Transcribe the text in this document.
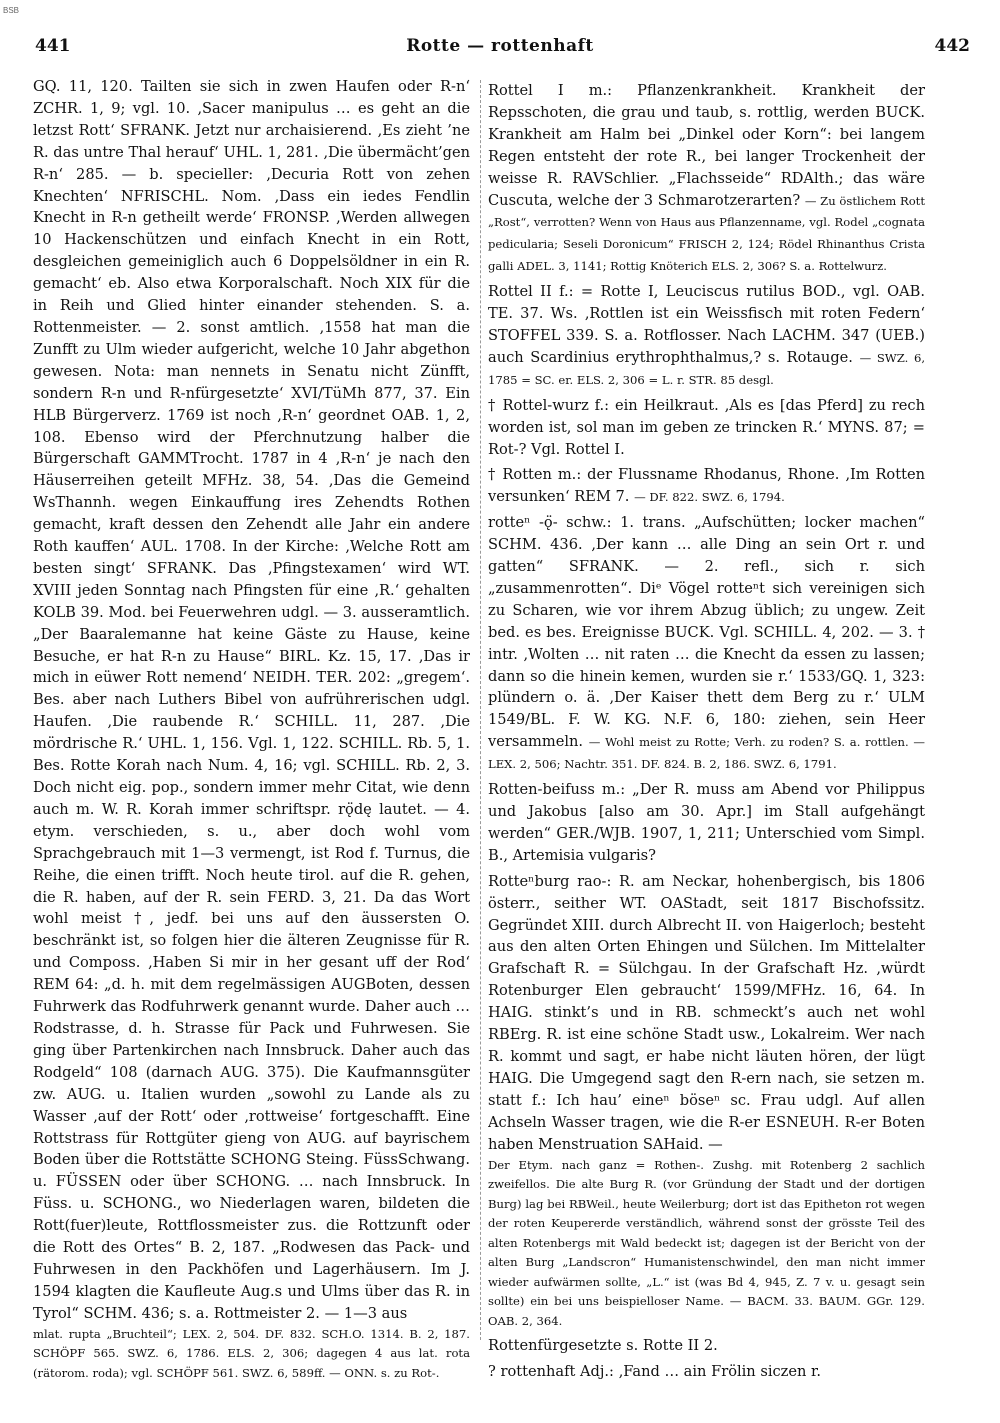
BSB
441	Rotte — rottenhaft	442

GQ. 11, 120. Tailten sie sich in zwen Haufen oder R-n‘ ZCHR. 1, 9; vgl. 10. ‚Sacer manipulus … es geht an die letzst Rott‘ SFRANK. Jetzt nur archaisierend. ‚Es zieht ’ne R. das untre Thal herauf‘ UHL. 1, 281. ‚Die übermächt’gen R-n‘ 285. — b. specieller: ‚Decuria Rott von zehen Knechten‘ NFRISCHL. Nom. ‚Dass ein iedes Fendlin Knecht in R-n getheilt werde‘ FRONSP. ‚Werden allwegen 10 Hackenschützen und einfach Knecht in ein Rott, desgleichen gemeiniglich auch 6 Doppelsöldner in ein R. gemacht‘ eb. Also etwa Korporalschaft. Noch XIX für die in Reih und Glied hinter einander stehenden. S. a. Rottenmeister. — 2. sonst amtlich. ‚1558 hat man die Zunfft zu Ulm wieder aufgericht, welche 10 Jahr abgethon gewesen. Nota: man nennets in Senatu nicht Zünfft, sondern R-n und R-nfürgesetzte‘ XVI/TüMh 877, 37. Ein HLB Bürgerverz. 1769 ist noch ‚R-n‘ geordnet OAB. 1, 2, 108. Ebenso wird der Pferchnutzung halber die Bürgerschaft GAMMTrocht. 1787 in 4 ‚R-n‘ je nach den Häuserreihen geteilt MFHz. 38, 54. ‚Das die Gemeind WsThannh. wegen Einkauffung ires Zehendts Rothen gemacht, kraft dessen den Zehendt alle Jahr ein andere Roth kauffen‘ AUL. 1708. In der Kirche: ‚Welche Rott am besten singt‘ SFRANK. Das ‚Pfingstexamen‘ wird WT. XVIII jeden Sonntag nach Pfingsten für eine ‚R.‘ gehalten KOLB 39. Mod. bei Feuerwehren udgl. — 3. ausseramtlich. „Der Baaralemanne hat keine Gäste zu Hause, keine Besuche, er hat R-n zu Hause“ BIRL. Kz. 15, 17. ‚Das ir mich in eüwer Rott nemend‘ NEIDH. TER. 202: „gregem‘. Bes. aber nach Luthers Bibel von aufrührerischen udgl. Haufen. ‚Die raubende R.‘ SCHILL. 11, 287. ‚Die mördrische R.‘ UHL. 1, 156. Vgl. 1, 122. SCHILL. Rb. 5, 1. Bes. Rotte Korah nach Num. 4, 16; vgl. SCHILL. Rb. 2, 3. Doch nicht eig. pop., sondern immer mehr Citat, wie denn auch m. W. R. Korah immer schriftspr. rǫ̈dę lautet. — 4. etym. verschieden, s. u., aber doch wohl vom Sprachgebrauch mit 1—3 vermengt, ist Rod f. Turnus, die Reihe, die einen trifft. Noch heute tirol. auf die R. gehen, die R. haben, auf der R. sein FERD. 3, 21. Da das Wort wohl meist †, jedf. bei uns auf den äussersten O. beschränkt ist, so folgen hier die älteren Zeugnisse für R. und Composs. ‚Haben Si mir in her gesant uff der Rod‘ REM 64: „d. h. mit dem regelmässigen AUGBoten, dessen Fuhrwerk das Rodfuhrwerk genannt wurde. Daher auch … Rodstrasse, d. h. Strasse für Pack und Fuhrwesen. Sie ging über Partenkirchen nach Innsbruck. Daher auch das Rodgeld“ 108 (darnach AUG. 375). Die Kaufmannsgüter zw. AUG. u. Italien wurden „sowohl zu Lande als zu Wasser ‚auf der Rott‘ oder ‚rottweise‘ fortgeschafft. Eine Rottstrass für Rottgüter gieng von AUG. auf bayrischem Boden über die Rottstätte SCHONG Steing. FüssSchwang. u. FÜSSEN oder über SCHONG. … nach Innsbruck. In Füss. u. SCHONG., wo Niederlagen waren, bildeten die Rott(fuer)leute, Rottflossmeister zus. die Rottzunft oder die Rott des Ortes“ B. 2, 187. „Rodwesen das Pack- und Fuhrwesen in den Packhöfen und Lagerhäusern. Im J. 1594 klagten die Kaufleute Aug.s und Ulms über das R. in Tyrol“ SCHM. 436; s. a. Rottmeister 2. — 1—3 aus

mlat. rupta „Bruchteil“; LEX. 2, 504. DF. 832. SCH.O. 1314. B. 2, 187. SCHÖPF 565. SWZ. 6, 1786. ELS. 2, 306; dagegen 4 aus lat. rota (rätorom. roda); vgl. SCHÖPF 561. SWZ. 6, 589ff. — ONN. s. zu Rot-.

Rottel I m.: Pflanzenkrankheit. Krankheit der Repsschoten, die grau und taub, s. rottlig, werden BUCK. Krankheit am Halm bei „Dinkel oder Korn“: bei langem Regen entsteht der rote R., bei langer Trockenheit der weisse R. RAVSchlier. „Flachsseide“ RDAlth.; das wäre Cuscuta, welche der 3 Schmarotzerarten? — Zu östlichem Rott „Rost“, verrotten? Wenn von Haus aus Pflanzenname, vgl. Rodel „cognata pedicularia; Seseli Doronicum“ FRISCH 2, 124; Rödel Rhinanthus Crista galli ADEL. 3, 1141; Rottig Knöterich ELS. 2, 306? S. a. Rottelwurz.
Rottel II f.: = Rotte I, Leuciscus rutilus BOD., vgl. OAB. TE. 37. Ws. ‚Rottlen ist ein Weissfisch mit roten Federn‘ STOFFEL 339. S. a. Rotflosser. Nach LACHM. 347 (UEB.) auch Scardinius erythrophthalmus,? s. Rotauge. — SWZ. 6, 1785 = SC. er. ELS. 2, 306 = L. r. STR. 85 desgl.
† Rottel-wurz f.: ein Heilkraut. ‚Als es [das Pferd] zu rech worden ist, sol man im geben ze trincken R.‘ MYNS. 87; = Rot-? Vgl. Rottel I.
† Rotten m.: der Flussname Rhodanus, Rhone. ‚Im Rotten versunken‘ REM 7. — DF. 822. SWZ. 6, 1794.
rotteⁿ -ǫ̈- schw.: 1. trans. „Aufschütten; locker machen“ SCHM. 436. ‚Der kann … alle Ding an sein Ort r. und gatten“ SFRANK. — 2. refl., sich r. sich „zusammenrotten“. Diᵉ Vögel rotteⁿt sich vereinigen sich zu Scharen, wie vor ihrem Abzug üblich; zu ungew. Zeit bed. es bes. Ereignisse BUCK. Vgl. SCHILL. 4, 202. — 3. † intr. ‚Wolten … nit raten … die Knecht da essen zu lassen; dann so die hinein kemen, wurden sie r.‘ 1533/GQ. 1, 323: plündern o. ä. ‚Der Kaiser thett dem Berg zu r.‘ ULM 1549/BL. F. W. KG. N.F. 6, 180: ziehen, sein Heer versammeln. — Wohl meist zu Rotte; Verh. zu roden? S. a. rottlen. — LEX. 2, 506; Nachtr. 351. DF. 824. B. 2, 186. SWZ. 6, 1791.
Rotten-beifuss m.: „Der R. muss am Abend vor Philippus und Jakobus [also am 30. Apr.] im Stall aufgehängt werden“ GER./WJB. 1907, 1, 211; Unterschied vom Simpl. B., Artemisia vulgaris?
Rotteⁿburg rao-: R. am Neckar, hohenbergisch, bis 1806 österr., seither WT. OAStadt, seit 1817 Bischofssitz. Gegründet XIII. durch Albrecht II. von Haigerloch; besteht aus den alten Orten Ehingen und Sülchen. Im Mittelalter Grafschaft R. = Sülchgau. In der Grafschaft Hz. ‚würdt Rotenburger Elen gebraucht‘ 1599/MFHz. 16, 64. In HAIG. stinkt’s und in RB. schmeckt’s auch net wohl RBErg. R. ist eine schöne Stadt usw., Lokalreim. Wer nach R. kommt und sagt, er habe nicht läuten hören, der lügt HAIG. Die Umgegend sagt den R-ern nach, sie setzen m. statt f.: Ich hau’ eineⁿ böseⁿ sc. Frau udgl. Auf allen Achseln Wasser tragen, wie die R-er ESNEUH. R-er Boten haben Menstruation SAHaid. —
Der Etym. nach ganz = Rothen-. Zushg. mit Rotenberg 2 sachlich zweifellos. Die alte Burg R. (vor Gründung der Stadt und der dortigen Burg) lag bei RBWeil., heute Weilerburg; dort ist das Epitheton rot wegen der roten Keupererde verständlich, während sonst der grösste Teil des alten Rotenbergs mit Wald bedeckt ist; dagegen ist der Bericht von der alten Burg „Landscron“ Humanistenschwindel, den man nicht immer wieder aufwärmen sollte, „L.“ ist (was Bd 4, 945, Z. 7 v. u. gesagt sein sollte) ein bei uns beispielloser Name. — BACM. 33. BAUM. GGr. 129. OAB. 2, 364.
Rottenfürgesetzte s. Rotte II 2.
? rottenhaft Adj.: ‚Fand … ain Frölin siczen r.
